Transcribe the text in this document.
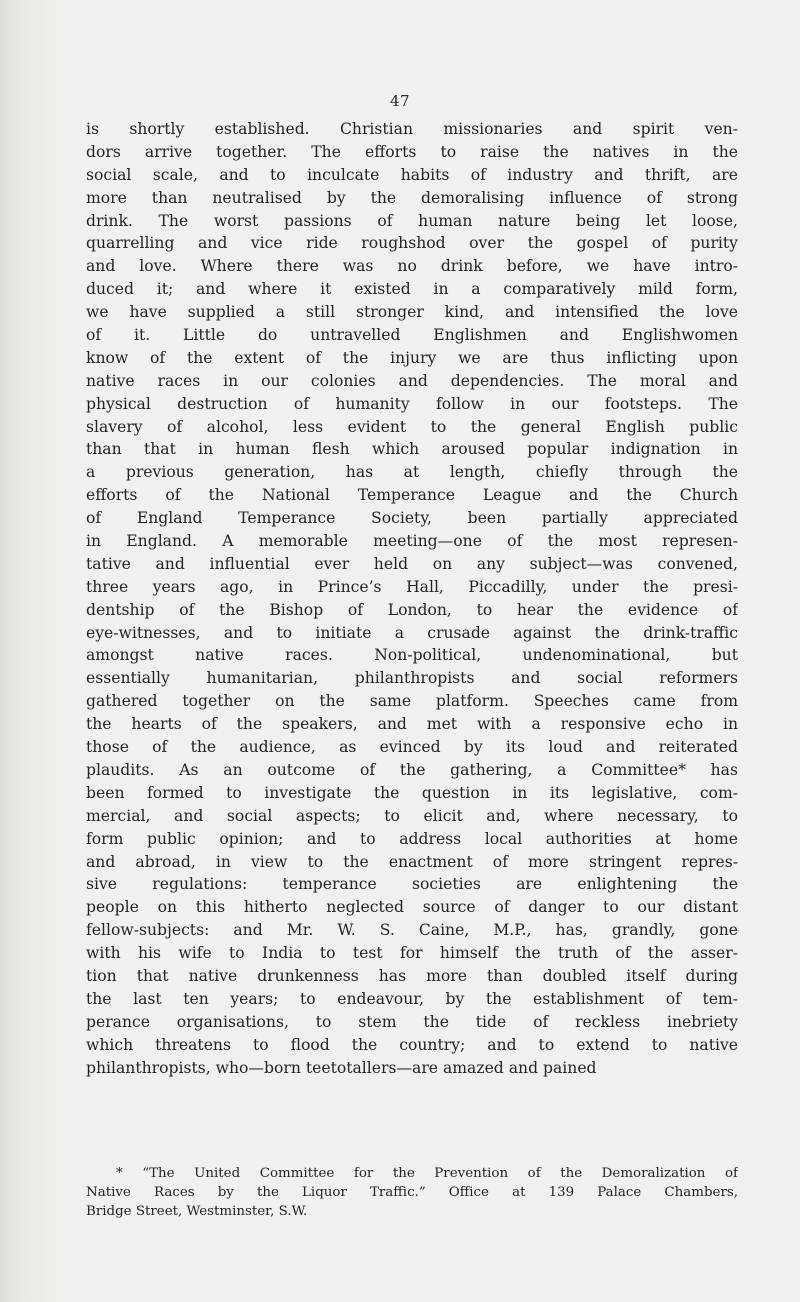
47
is shortly established. Christian missionaries and spirit ven-
dors arrive together. The efforts to raise the natives in the
social scale, and to inculcate habits of industry and thrift, are
more than neutralised by the demoralising influence of strong
drink. The worst passions of human nature being let loose,
quarrelling and vice ride roughshod over the gospel of purity
and love. Where there was no drink before, we have intro-
duced it; and where it existed in a comparatively mild form,
we have supplied a still stronger kind, and intensified the love
of it. Little do untravelled Englishmen and Englishwomen
know of the extent of the injury we are thus inflicting upon
native races in our colonies and dependencies. The moral and
physical destruction of humanity follow in our footsteps. The
slavery of alcohol, less evident to the general English public
than that in human flesh which aroused popular indignation in
a previous generation, has at length, chiefly through the
efforts of the National Temperance League and the Church
of England Temperance Society, been partially appreciated
in England. A memorable meeting—one of the most represen-
tative and influential ever held on any subject—was convened,
three years ago, in Prince’s Hall, Piccadilly, under the presi-
dentship of the Bishop of London, to hear the evidence of
eye-witnesses, and to initiate a crusade against the drink-traffic
amongst native races. Non-political, undenominational, but
essentially humanitarian, philanthropists and social reformers
gathered together on the same platform. Speeches came from
the hearts of the speakers, and met with a responsive echo in
those of the audience, as evinced by its loud and reiterated
plaudits. As an outcome of the gathering, a Committee* has
been formed to investigate the question in its legislative, com-
mercial, and social aspects; to elicit and, where necessary, to
form public opinion; and to address local authorities at home
and abroad, in view to the enactment of more stringent repres-
sive regulations: temperance societies are enlightening the
people on this hitherto neglected source of danger to our distant
fellow-subjects: and Mr. W. S. Caine, M.P., has, grandly, gone
with his wife to India to test for himself the truth of the asser-
tion that native drunkenness has more than doubled itself during
the last ten years; to endeavour, by the establishment of tem-
perance organisations, to stem the tide of reckless inebriety
which threatens to flood the country; and to extend to native
philanthropists, who—born teetotallers—are amazed and pained
* “The United Committee for the Prevention of the Demoralization of
Native Races by the Liquor Traffic.” Office at 139 Palace Chambers,
Bridge Street, Westminster, S.W.
